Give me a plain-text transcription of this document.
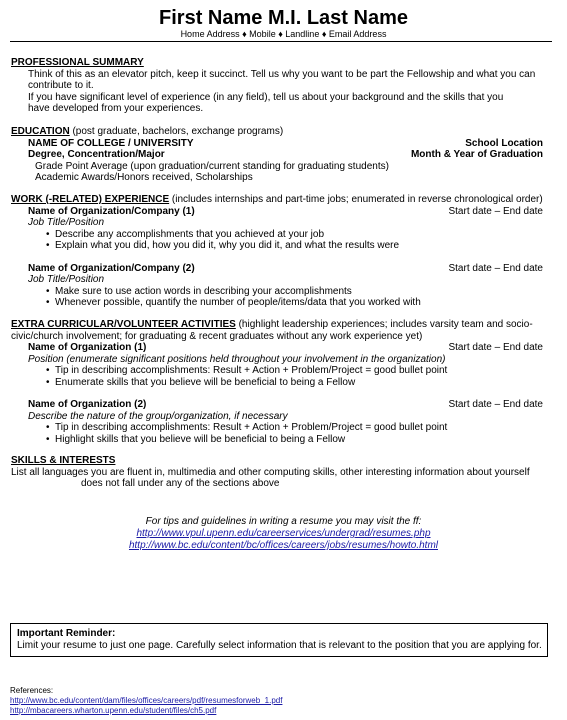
First Name M.I. Last Name
Home Address ♦ Mobile ♦ Landline ♦ Email Address
PROFESSIONAL SUMMARY
Think of this as an elevator pitch, keep it succinct. Tell us why you want to be part the Fellowship and what you can contribute to it.
If you have significant level of experience (in any field), tell us about your background and the skills that you have developed from your experiences.
EDUCATION (post graduate, bachelors, exchange programs)
NAME OF COLLEGE / UNIVERSITY	School Location
Degree, Concentration/Major	Month & Year of Graduation
Grade Point Average (upon graduation/current standing for graduating students)
Academic Awards/Honors received, Scholarships
WORK (-RELATED) EXPERIENCE (includes internships and part-time jobs; enumerated in reverse chronological order)
Name of Organization/Company (1)	Start date – End date
Job Title/Position
• Describe any accomplishments that you achieved at your job
• Explain what you did, how you did it, why you did it, and what the results were
Name of Organization/Company (2)	Start date – End date
Job Title/Position
• Make sure to use action words in describing your accomplishments
• Whenever possible, quantify the number of people/items/data that you worked with
EXTRA CURRICULAR/VOLUNTEER ACTIVITIES (highlight leadership experiences; includes varsity team and socio-
civic/church involvement; for graduating & recent graduates without any work experience yet)
Name of Organization (1)	Start date – End date
Position (enumerate significant positions held throughout your involvement in the organization)
• Tip in describing accomplishments: Result + Action + Problem/Project = good bullet point
• Enumerate skills that you believe will be beneficial to being a Fellow
Name of Organization (2)	Start date – End date
Describe the nature of the group/organization, if necessary
• Tip in describing accomplishments: Result + Action + Problem/Project = good bullet point
• Highlight skills that you believe will be beneficial to being a Fellow
SKILLS & INTERESTS
List all languages you are fluent in, multimedia and other computing skills, other interesting information about yourself
does not fall under any of the sections above
For tips and guidelines in writing a resume you may visit the ff:
http://www.vpul.upenn.edu/careerservices/undergrad/resumes.php
http://www.bc.edu/content/bc/offices/careers/jobs/resumes/howto.html
Important Reminder:
Limit your resume to just one page. Carefully select information that is relevant to the position that you are applying for.
References:
http://www.bc.edu/content/dam/files/offices/careers/pdf/resumesforweb_1.pdf
http://mbacareers.wharton.upenn.edu/student/files/ch5.pdf
